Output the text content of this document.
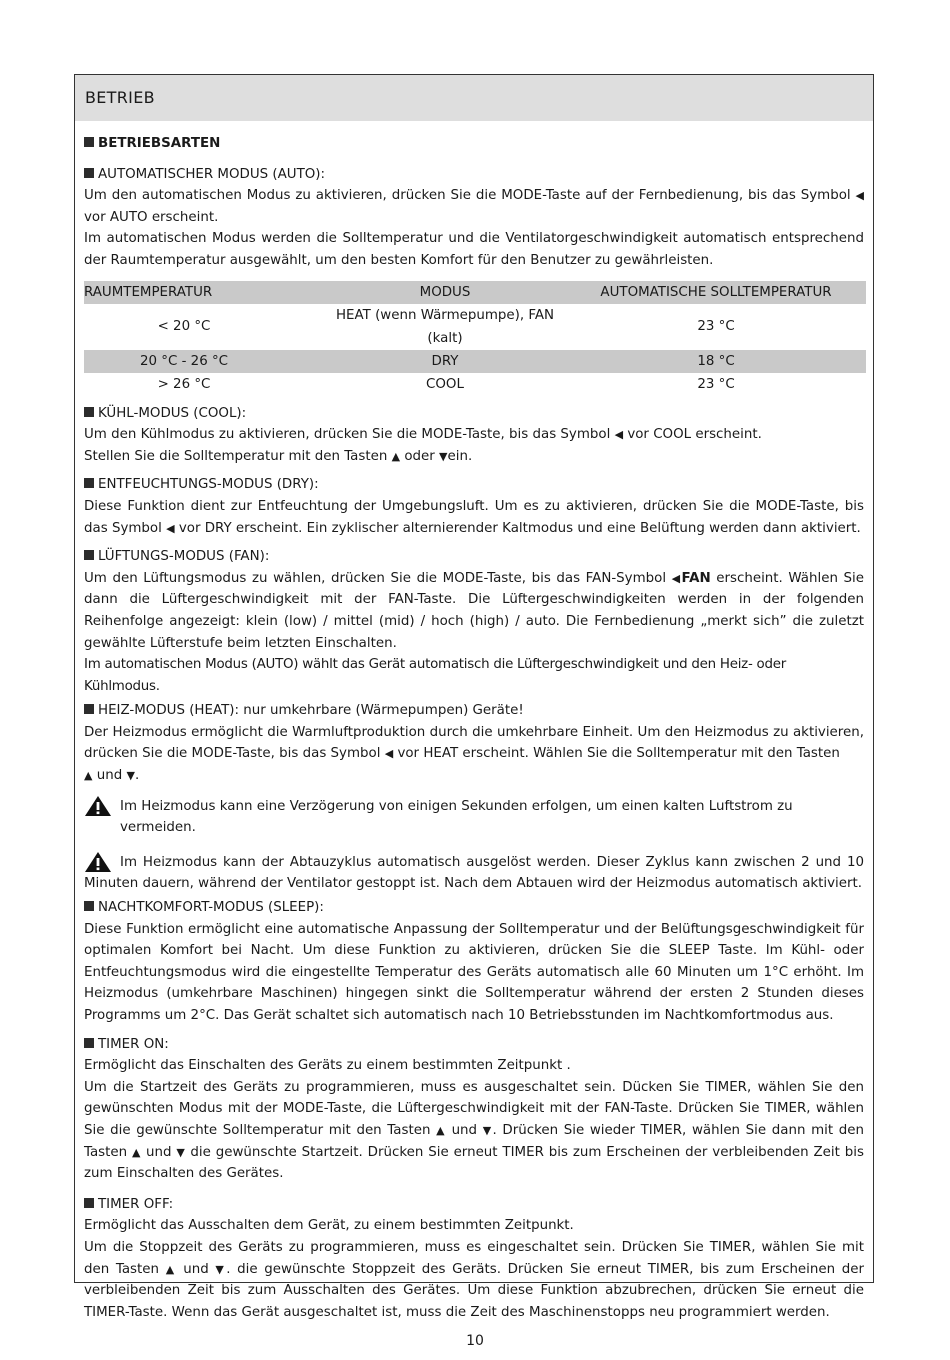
BETRIEB
BETRIEBSARTEN

AUTOMATISCHER MODUS (AUTO):

Um den automatischen Modus zu aktivieren, drücken Sie die MODE-Taste auf der Fernbedienung, bis das Symbol ◀ vor AUTO erscheint.

Im automatischen Modus werden die Solltemperatur und die Ventilatorgeschwindigkeit automatisch entsprechend der Raumtemperatur ausgewählt, um den besten Komfort für den Benutzer zu gewährleisten.

RAUMTEMPERATUR	MODUS	AUTOMATISCHE SOLLTEMPERATUR
< 20 °C	HEAT (wenn Wärmepumpe), FAN (kalt)	23 °C
20 °C - 26 °C	DRY	18 °C
> 26 °C	COOL	23 °C

KÜHL-MODUS (COOL):

Um den Kühlmodus zu aktivieren, drücken Sie die MODE-Taste, bis das Symbol ◀ vor COOL erscheint.

Stellen Sie die Solltemperatur mit den Tasten ▲ oder ▼ein.

ENTFEUCHTUNGS-MODUS (DRY):

Diese Funktion dient zur Entfeuchtung der Umgebungsluft. Um es zu aktivieren, drücken Sie die MODE-Taste, bis das Symbol ◀ vor DRY erscheint. Ein zyklischer alternierender Kaltmodus und eine Belüftung werden dann aktiviert.

LÜFTUNGS-MODUS (FAN):

Um den Lüftungsmodus zu wählen, drücken Sie die MODE-Taste, bis das FAN-Symbol ◀FAN erscheint. Wählen Sie dann die Lüftergeschwindigkeit mit der FAN-Taste. Die Lüftergeschwindigkeiten werden in der folgenden Reihenfolge angezeigt: klein (low) / mittel (mid) / hoch (high) / auto. Die Fernbedienung „merkt sich” die zuletzt gewählte Lüfterstufe beim letzten Einschalten.

Im automatischen Modus (AUTO) wählt das Gerät automatisch die Lüftergeschwindigkeit und den Heiz- oder Kühlmodus.

HEIZ-MODUS (HEAT): nur umkehrbare (Wärmepumpen) Geräte!

Der Heizmodus ermöglicht die Warmluftproduktion durch die umkehrbare Einheit. Um den Heizmodus zu aktivieren, drücken Sie die MODE-Taste, bis das Symbol ◀ vor HEAT erscheint. Wählen Sie die Solltemperatur mit den Tasten

▲ und ▼.

Im Heizmodus kann eine Verzögerung von einigen Sekunden erfolgen, um einen kalten Luftstrom zu vermeiden.

Im Heizmodus kann der Abtauzyklus automatisch ausgelöst werden. Dieser Zyklus kann zwischen 2 und 10 Minuten dauern, während der Ventilator gestoppt ist. Nach dem Abtauen wird der Heizmodus automatisch aktiviert.

NACHTKOMFORT-MODUS (SLEEP):

Diese Funktion ermöglicht eine automatische Anpassung der Solltemperatur und der Belüftungsgeschwindigkeit für optimalen Komfort bei Nacht. Um diese Funktion zu aktivieren, drücken Sie die SLEEP Taste. Im Kühl- oder Entfeuchtungsmodus wird die eingestellte Temperatur des Geräts automatisch alle 60 Minuten um 1°C erhöht. Im Heizmodus (umkehrbare Maschinen) hingegen sinkt die Solltemperatur während der ersten 2 Stunden dieses Programms um 2°C. Das Gerät schaltet sich automatisch nach 10 Betriebsstunden im Nachtkomfortmodus aus.

TIMER ON:

Ermöglicht das Einschalten des Geräts zu einem bestimmten Zeitpunkt .

Um die Startzeit des Geräts zu programmieren, muss es ausgeschaltet sein. Dücken Sie TIMER, wählen Sie den gewünschten Modus mit der MODE-Taste, die Lüftergeschwindigkeit mit der FAN-Taste. Drücken Sie TIMER, wählen Sie die gewünschte Solltemperatur mit den Tasten ▲ und ▼. Drücken Sie wieder TIMER, wählen Sie dann mit den Tasten ▲ und ▼ die gewünschte Startzeit. Drücken Sie erneut TIMER bis zum Erscheinen der verbleibenden Zeit bis zum Einschalten des Gerätes.

TIMER OFF:

Ermöglicht das Ausschalten dem Gerät, zu einem bestimmten Zeitpunkt.

Um die Stoppzeit des Geräts zu programmieren, muss es eingeschaltet sein. Drücken Sie TIMER, wählen Sie mit den Tasten ▲ und ▼. die gewünschte Stoppzeit des Geräts. Drücken Sie erneut TIMER, bis zum Erscheinen der verbleibenden Zeit bis zum Ausschalten des Gerätes. Um diese Funktion abzubrechen, drücken Sie erneut die TIMER-Taste. Wenn das Gerät ausgeschaltet ist, muss die Zeit des Maschinenstopps neu programmiert werden.

10
